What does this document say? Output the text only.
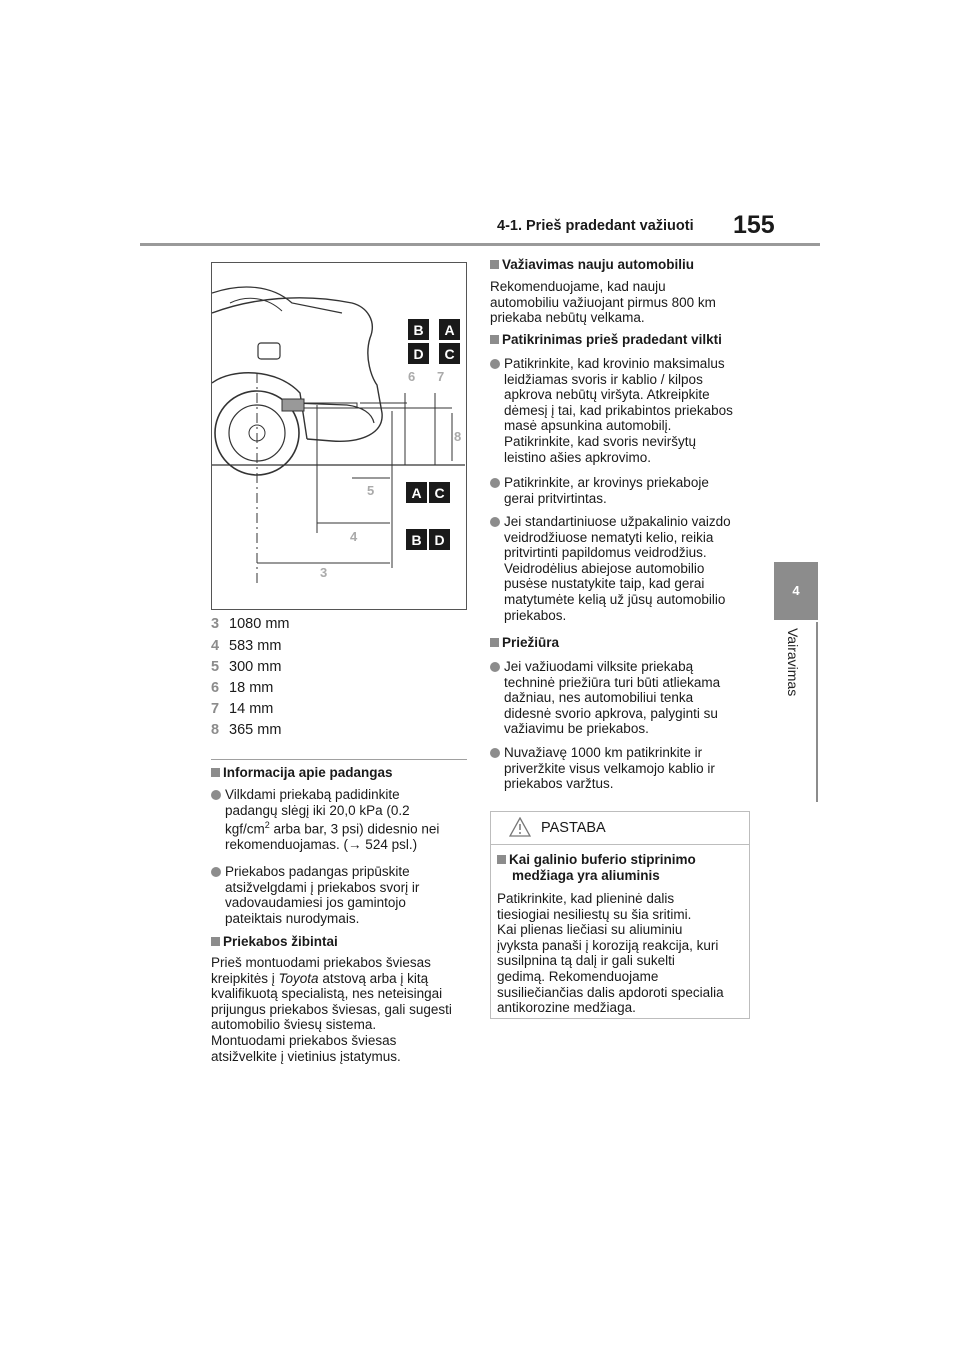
4-1. Prieš pradedant važiuoti 155
4
Vairavimas
6 7
8
5
4
3
B A
D C
A C
B D
3 1080 mm
4 583 mm
5 300 mm
6 18 mm
7 14 mm
8 365 mm
Informacija apie padangas
Vilkdami priekabą padidinkite
padangų slėgį iki 20,0 kPa (0.2
kgf/$cm^2$ arba bar, 3 psi) didesnio nei
rekomenduojamas. (→ 524 psl.)
Priekabos padangas pripūskite
atsižvelgdami į priekabos svorį ir
vadovaudamiesi jos gamintojo
pateiktais nurodymais.
Priekabos žibintai
Prieš montuodami priekabos šviesas
kreipkitės į Toyota atstovą arba į kitą
kvalifikuotą specialistą, nes neteisingai
prijungus priekabos šviesas, gali sugesti
automobilio šviesų sistema.
Montuodami priekabos šviesas
atsižvelkite į vietinius įstatymus.
Važiavimas nauju automobiliu
Rekomenduojame, kad nauju
automobiliu važiuojant pirmus 800 km
priekaba nebūtų velkama.
Patikrinimas prieš pradedant vilkti
Patikrinkite, kad krovinio maksimalus
leidžiamas svoris ir kablio / kilpos
apkrova nebūtų viršyta. Atkreipkite
dėmesį į tai, kad prikabintos priekabos
masė apsunkina automobilį.
Patikrinkite, kad svoris neviršytų
leistino ašies apkrovimo.
Patikrinkite, ar krovinys priekaboje
gerai pritvirtintas.
Jei standartiniuose užpakalinio vaizdo
veidrodžiuose nematyti kelio, reikia
pritvirtinti papildomus veidrodžius.
Veidrodėlius abiejose automobilio
pusėse nustatykite taip, kad gerai
matytumėte kelią už jūsų automobilio
priekabos.
Priežiūra
Jei važiuodami vilksite priekabą
techninė priežiūra turi būti atliekama
dažniau, nes automobiliui tenka
didesnė svorio apkrova, palyginti su
važiavimu be priekabos.
Nuvažiavę 1000 km patikrinkite ir
priveržkite visus velkamojo kablio ir
priekabos varžtus.
PASTABA
Kai galinio buferio stiprinimo
medžiaga yra aliuminis
Patikrinkite, kad plieninė dalis
tiesiogiai nesiliestų su šia sritimi.
Kai plienas liečiasi su aliuminiu
įvyksta panaši į koroziją reakcija, kuri
susilpnina tą dalį ir gali sukelti
gedimą. Rekomenduojame
susiliečiančias dalis apdoroti specialia
antikorozine medžiaga.
